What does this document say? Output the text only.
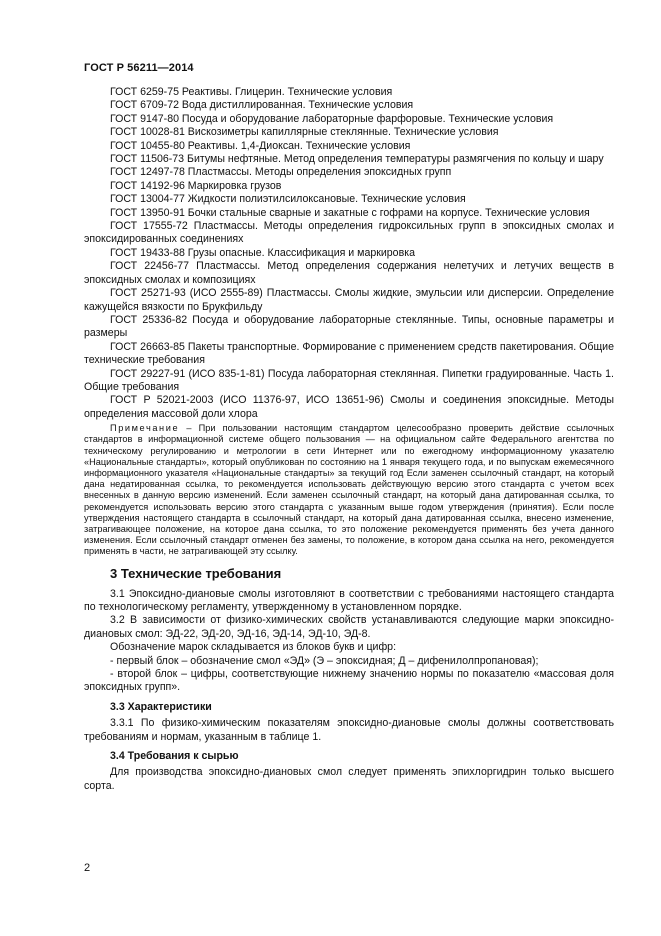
ГОСТ Р 56211—2014

ГОСТ 6259-75 Реактивы. Глицерин. Технические условия

ГОСТ 6709-72 Вода дистиллированная. Технические условия

ГОСТ 9147-80 Посуда и оборудование лабораторные фарфоровые. Технические условия

ГОСТ 10028-81 Вискозиметры капиллярные стеклянные. Технические условия

ГОСТ 10455-80 Реактивы. 1,4-Диоксан. Технические условия

ГОСТ 11506-73 Битумы нефтяные. Метод определения температуры размягчения по кольцу и шару

ГОСТ 12497-78 Пластмассы. Методы определения эпоксидных групп

ГОСТ 14192-96 Маркировка грузов

ГОСТ 13004-77 Жидкости полиэтилсилоксановые. Технические условия

ГОСТ 13950-91 Бочки стальные сварные и закатные с гофрами на корпусе. Технические условия

ГОСТ 17555-72 Пластмассы. Методы определения гидроксильных групп в эпоксидных смолах и эпоксидированных соединениях

ГОСТ 19433-88 Грузы опасные. Классификация и маркировка

ГОСТ 22456-77 Пластмассы. Метод определения содержания нелетучих и летучих веществ в эпоксидных смолах и композициях

ГОСТ 25271-93 (ИСО 2555-89) Пластмассы. Смолы жидкие, эмульсии или дисперсии. Определение кажущейся вязкости по Брукфильду

ГОСТ 25336-82 Посуда и оборудование лабораторные стеклянные. Типы, основные параметры и размеры

ГОСТ 26663-85 Пакеты транспортные. Формирование с применением средств пакетирования. Общие технические требования

ГОСТ 29227-91 (ИСО 835-1-81) Посуда лабораторная стеклянная. Пипетки градуированные. Часть 1. Общие требования

ГОСТ Р 52021-2003 (ИСО 11376-97, ИСО 13651-96) Смолы и соединения эпоксидные. Методы определения массовой доли хлора

Примечание – При пользовании настоящим стандартом целесообразно проверить действие ссылочных стандартов в информационной системе общего пользования — на официальном сайте Федерального агентства по техническому регулированию и метрологии в сети Интернет или по ежегодному информационному указателю «Национальные стандарты», который опубликован по состоянию на 1 января текущего года, и по выпускам ежемесячного информационного указателя «Национальные стандарты» за текущий год Если заменен ссылочный стандарт, на который дана недатированная ссылка, то рекомендуется использовать действующую версию этого стандарта с учетом всех внесенных в данную версию изменений. Если заменен ссылочный стандарт, на который дана датированная ссылка, то рекомендуется использовать версию этого стандарта с указанным выше годом утверждения (принятия). Если после утверждения настоящего стандарта в ссылочный стандарт, на который дана датированная ссылка, внесено изменение, затрагивающее положение, на которое дана ссылка, то это положение рекомендуется применять без учета данного изменения. Если ссылочный стандарт отменен без замены, то положение, в котором дана ссылка на него, рекомендуется применять в части, не затрагивающей эту ссылку.

3 Технические требования

3.1 Эпоксидно-диановые смолы изготовляют в соответствии с требованиями настоящего стандарта по технологическому регламенту, утвержденному в установленном порядке.

3.2 В зависимости от физико-химических свойств устанавливаются следующие марки эпоксидно-диановых смол: ЭД-22, ЭД-20, ЭД-16, ЭД-14, ЭД-10, ЭД-8.

Обозначение марок складывается из блоков букв и цифр:

- первый блок – обозначение смол «ЭД» (Э – эпоксидная; Д – дифенилолпропановая);

- второй блок – цифры, соответствующие нижнему значению нормы по показателю «массовая доля эпоксидных групп».

3.3 Характеристики

3.3.1 По физико-химическим показателям эпоксидно-диановые смолы должны соответствовать требованиям и нормам, указанным в таблице 1.

3.4 Требования к сырью

Для производства эпоксидно-диановых смол следует применять эпихлоргидрин только высшего сорта.

2
